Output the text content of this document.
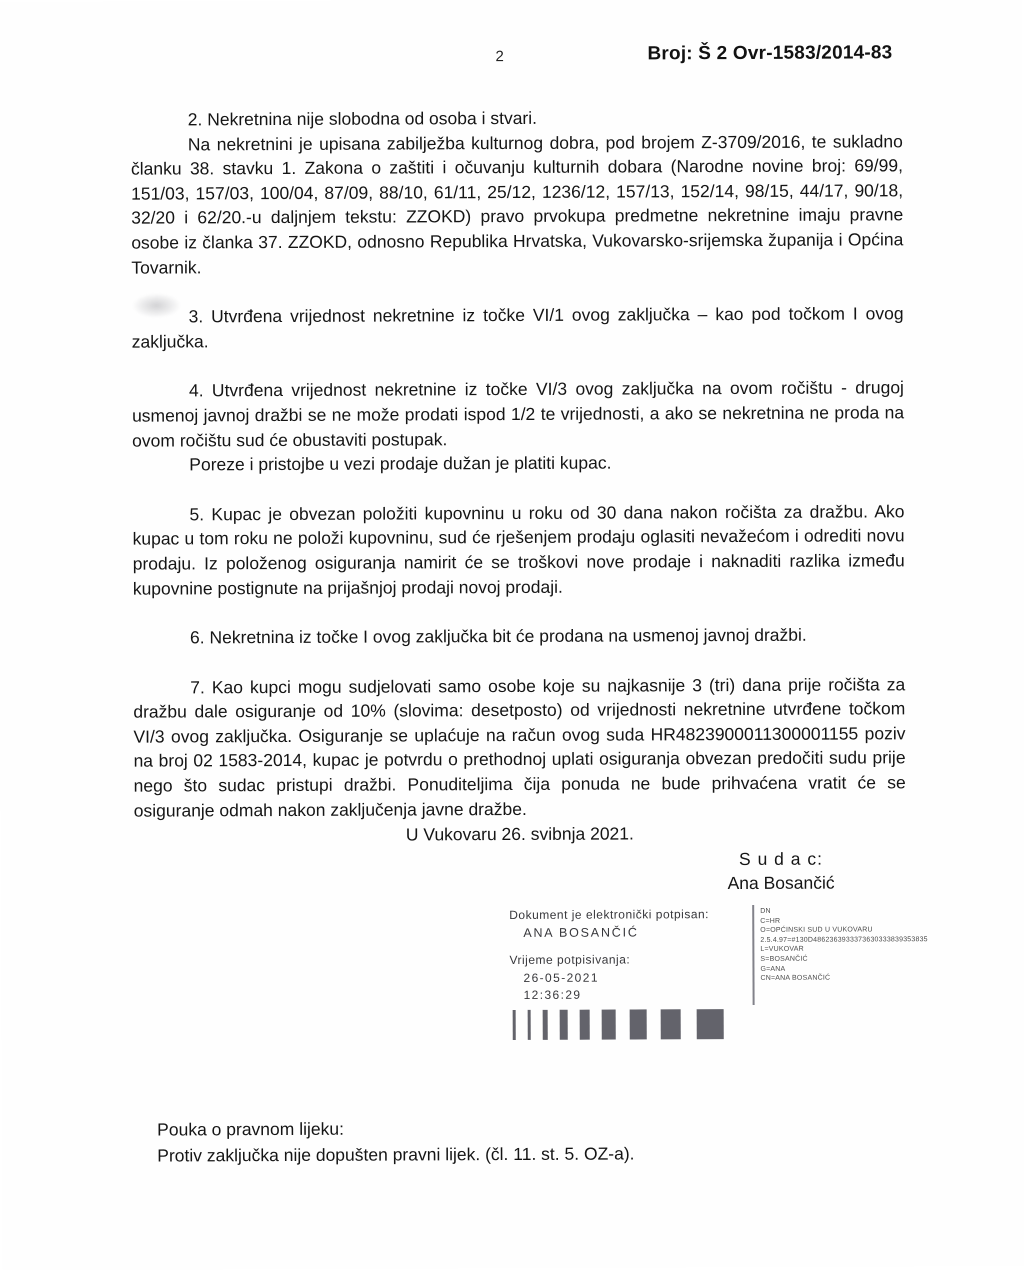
2	Broj: Š 2 Ovr-1583/2014-83

2. Nekretnina nije slobodna od osoba i stvari.

Na nekretnini je upisana zabilježba kulturnog dobra, pod brojem Z-3709/2016, te sukladno članku 38. stavku 1. Zakona o zaštiti i očuvanju kulturnih dobara (Narodne novine broj: 69/99, 151/03, 157/03, 100/04, 87/09, 88/10, 61/11, 25/12, 1236/12, 157/13, 152/14, 98/15, 44/17, 90/18, 32/20 i 62/20.-u daljnjem tekstu: ZZOKD) pravo prvokupa predmetne nekretnine imaju pravne osobe iz članka 37. ZZOKD, odnosno Republika Hrvatska, Vukovarsko-srijemska županija i Općina Tovarnik.

3. Utvrđena vrijednost nekretnine iz točke VI/1 ovog zaključka – kao pod točkom I ovog zaključka.

4. Utvrđena vrijednost nekretnine iz točke VI/3 ovog zaključka na ovom ročištu - drugoj usmenoj javnoj dražbi se ne može prodati ispod 1/2 te vrijednosti, a ako se nekretnina ne proda na ovom ročištu sud će obustaviti postupak.

Poreze i pristojbe u vezi prodaje dužan je platiti kupac.

5. Kupac je obvezan položiti kupovninu u roku od 30 dana nakon ročišta za dražbu. Ako kupac u tom roku ne položi kupovninu, sud će rješenjem prodaju oglasiti nevažećom i odrediti novu prodaju. Iz položenog osiguranja namirit će se troškovi nove prodaje i naknaditi razlika između kupovnine postignute na prijašnjoj prodaji novoj prodaji.

6. Nekretnina iz točke I ovog zaključka bit će prodana na usmenoj javnoj dražbi.

7. Kao kupci mogu sudjelovati samo osobe koje su najkasnije 3 (tri) dana prije ročišta za dražbu dale osiguranje od 10% (slovima: desetposto) od vrijednosti nekretnine utvrđene točkom VI/3 ovog zaključka. Osiguranje se uplaćuje na račun ovog suda HR4823900011300001155 poziv na broj 02 1583-2014, kupac je potvrdu o prethodnoj uplati osiguranja obvezan predočiti sudu prije nego što sudac pristupi dražbi. Ponuditeljima čija ponuda ne bude prihvaćena vratit će se osiguranje odmah nakon zaključenja javne dražbe.

U Vukovaru 26. svibnja 2021.
S u d a c:
Ana Bosančić
Dokument je elektronički potpisan:
ANA BOSANČIĆ
Vrijeme potpisivanja:
26-05-2021
12:36:29
DN
C=HR
O=OPĆINSKI SUD U VUKOVARU
2.5.4.97=#130D4862363933373630333839353835
L=VUKOVAR
S=BOSANČIĆ
G=ANA
CN=ANA BOSANČIĆ

Pouka o pravnom lijeku:

Protiv zaključka nije dopušten pravni lijek. (čl. 11. st. 5. OZ-a).
